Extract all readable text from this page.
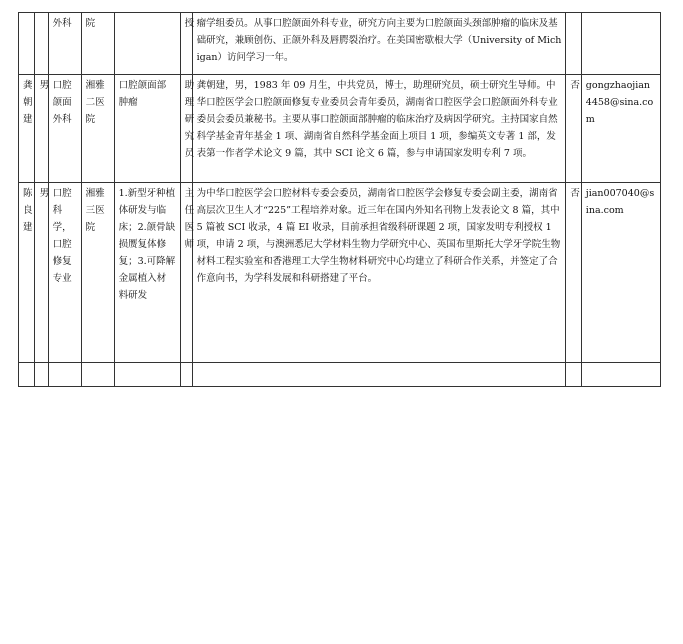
		外科	院		授	瘤学组委员。从事口腔颌面外科专业，研究方向主要为口腔颌面头颈部肿瘤的临床及基础研究，兼顾创伤、正颌外科及唇腭裂治疗。在美国密歇根大学（University of Michigan）访问学习一年。		
龚朝建	男	口腔颌面外科	湘雅二医院	口腔颌面部肿瘤	助理研究员	龚朝建，男，1983 年 09 月生，中共党员，博士，助理研究员，硕士研究生导师。中华口腔医学会口腔颌面修复专业委员会青年委员，湖南省口腔医学会口腔颌面外科专业委员会委员兼秘书。主要从事口腔颌面部肿瘤的临床治疗及病因学研究。主持国家自然科学基金青年基金 1 项、湖南省自然科学基金面上项目 1 项，参编英文专著 1 部，发表第一作者学术论文 9 篇，其中 SCI 论文 6 篇，参与申请国家发明专利 7 项。	否	gongzhaojian4458@sina.com
陈良建	男	口腔科学，口腔修复专业	湘雅三医院	1.新型牙种植体研发与临床；2.颌骨缺损赝复体修复；3.可降解金属植入材料研发	主任医师	为中华口腔医学会口腔材料专委会委员，湖南省口腔医学会修复专委会副主委，湖南省高层次卫生人才“225”工程培养对象。近三年在国内外知名刊物上发表论文 8 篇，其中 5 篇被 SCI 收录，4 篇 EI 收录，目前承担省级科研课题 2 项，国家发明专利授权 1 项，申请 2 项，与澳洲悉尼大学材料生物力学研究中心、英国布里斯托大学牙学院生物材料工程实验室和香港理工大学生物材料研究中心均建立了科研合作关系，并签定了合作意向书，为学科发展和科研搭建了平台。	否	jian007040@sina.com
